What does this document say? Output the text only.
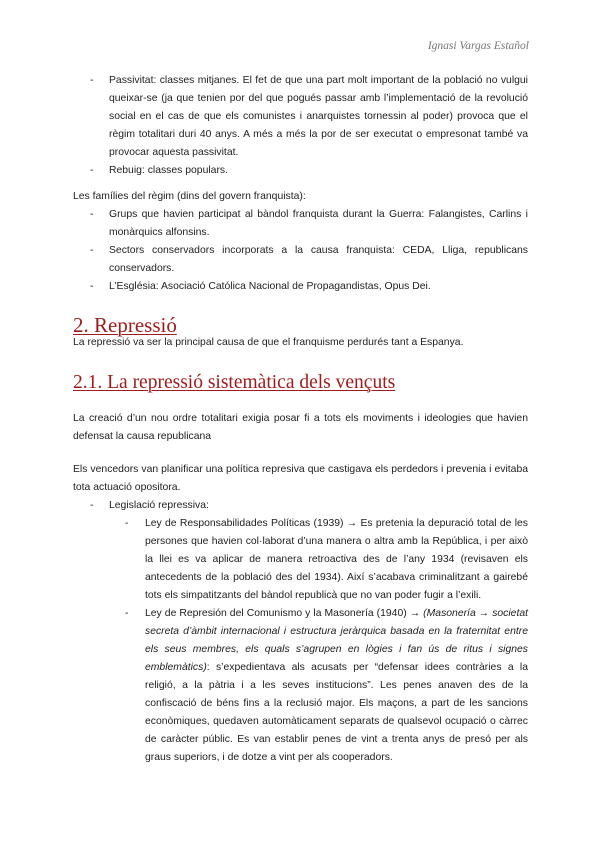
Ignasi Vargas Estañol
- Passivitat: classes mitjanes. El fet de que una part molt important de la població no vulgui queixar-se (ja que tenien por del que pogués passar amb l’implementació de la revolució social en el cas de que els comunistes i anarquistes tornessin al poder) provoca que el règim totalitari duri 40 anys. A més a més la por de ser executat o empresonat també va provocar aquesta passivitat.
- Rebuig: classes populars.

Les famílies del règim (dins del govern franquista):

- Grups que havien participat al bàndol franquista durant la Guerra: Falangistes, Carlins i monàrquics alfonsins.
- Sectors conservadors incorporats a la causa franquista: CEDA, Lliga, republicans conservadors.
- L’Església: Asociació Católica Nacional de Propagandistas, Opus Dei.
2. Repressió

La repressió va ser la principal causa de que el franquisme perdurés tant a Espanya.

2.1. La repressió sistemàtica dels vençuts

La creació d’un nou ordre totalitari exigia posar fi a tots els moviments i ideologies que havien defensat la causa republicana

Els vencedors van planificar una política represiva que castigava els perdedors i prevenia i evitaba tota actuació opositora.

- Legislació repressiva:
- Ley de Responsabilidades Políticas (1939) → Es pretenia la depuració total de les persones que havien col·laborat d’una manera o altra amb la República, i per això la llei es va aplicar de manera retroactiva des de l’any 1934 (revisaven els antecedents de la població des del 1934). Així s’acabava criminalitzant a gairebé tots els simpatitzants del bàndol republicà que no van poder fugir a l’exili.
- Ley de Represión del Comunismo y la Masonería (1940) → (Masonería → societat secreta d’àmbit internacional i estructura jeràrquica basada en la fraternitat entre els seus membres, els quals s’agrupen en lògies i fan ús de ritus i signes emblemàtics): s’expedientava als acusats per “defensar idees contràries a la religió, a la pàtria i a les seves institucions”. Les penes anaven des de la confiscació de béns fins a la reclusió major. Els maçons, a part de les sancions econòmiques, quedaven automàticament separats de qualsevol ocupació o càrrec de caràcter públic. Es van establir penes de vint a trenta anys de presó per als graus superiors, i de dotze a vint per als cooperadors.
